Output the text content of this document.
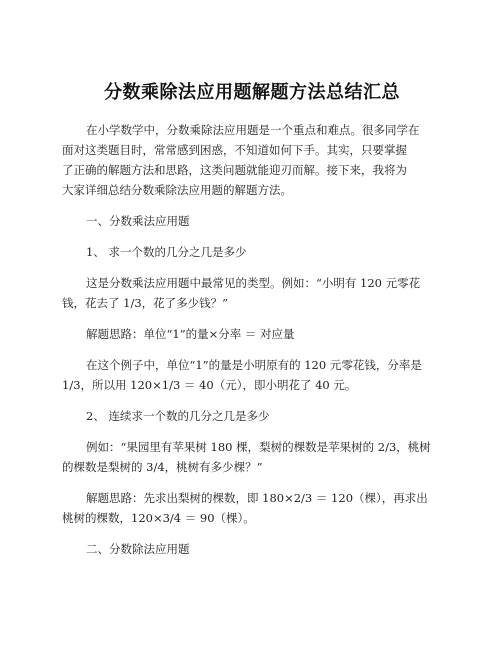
分数乘除法应用题解题方法总结汇总
在小学数学中，分数乘除法应用题是一个重点和难点。很多同学在
面对这类题目时，常常感到困惑，不知道如何下手。其实，只要掌握
了正确的解题方法和思路，这类问题就能迎刃而解。接下来，我将为
大家详细总结分数乘除法应用题的解题方法。
一、分数乘法应用题
1、 求一个数的几分之几是多少
这是分数乘法应用题中最常见的类型。例如：“小明有 120 元零花
钱，花去了 1/3，花了多少钱？”
解题思路：单位“1”的量×分率 ＝ 对应量
在这个例子中，单位“1”的量是小明原有的 120 元零花钱，分率是
1/3，所以用 120×1/3 ＝ 40（元），即小明花了 40 元。
2、 连续求一个数的几分之几是多少
例如：“果园里有苹果树 180 棵，梨树的棵数是苹果树的 2/3，桃树
的棵数是梨树的 3/4，桃树有多少棵？”
解题思路：先求出梨树的棵数，即 180×2/3 ＝ 120（棵），再求出
桃树的棵数，120×3/4 ＝ 90（棵）。
二、分数除法应用题
